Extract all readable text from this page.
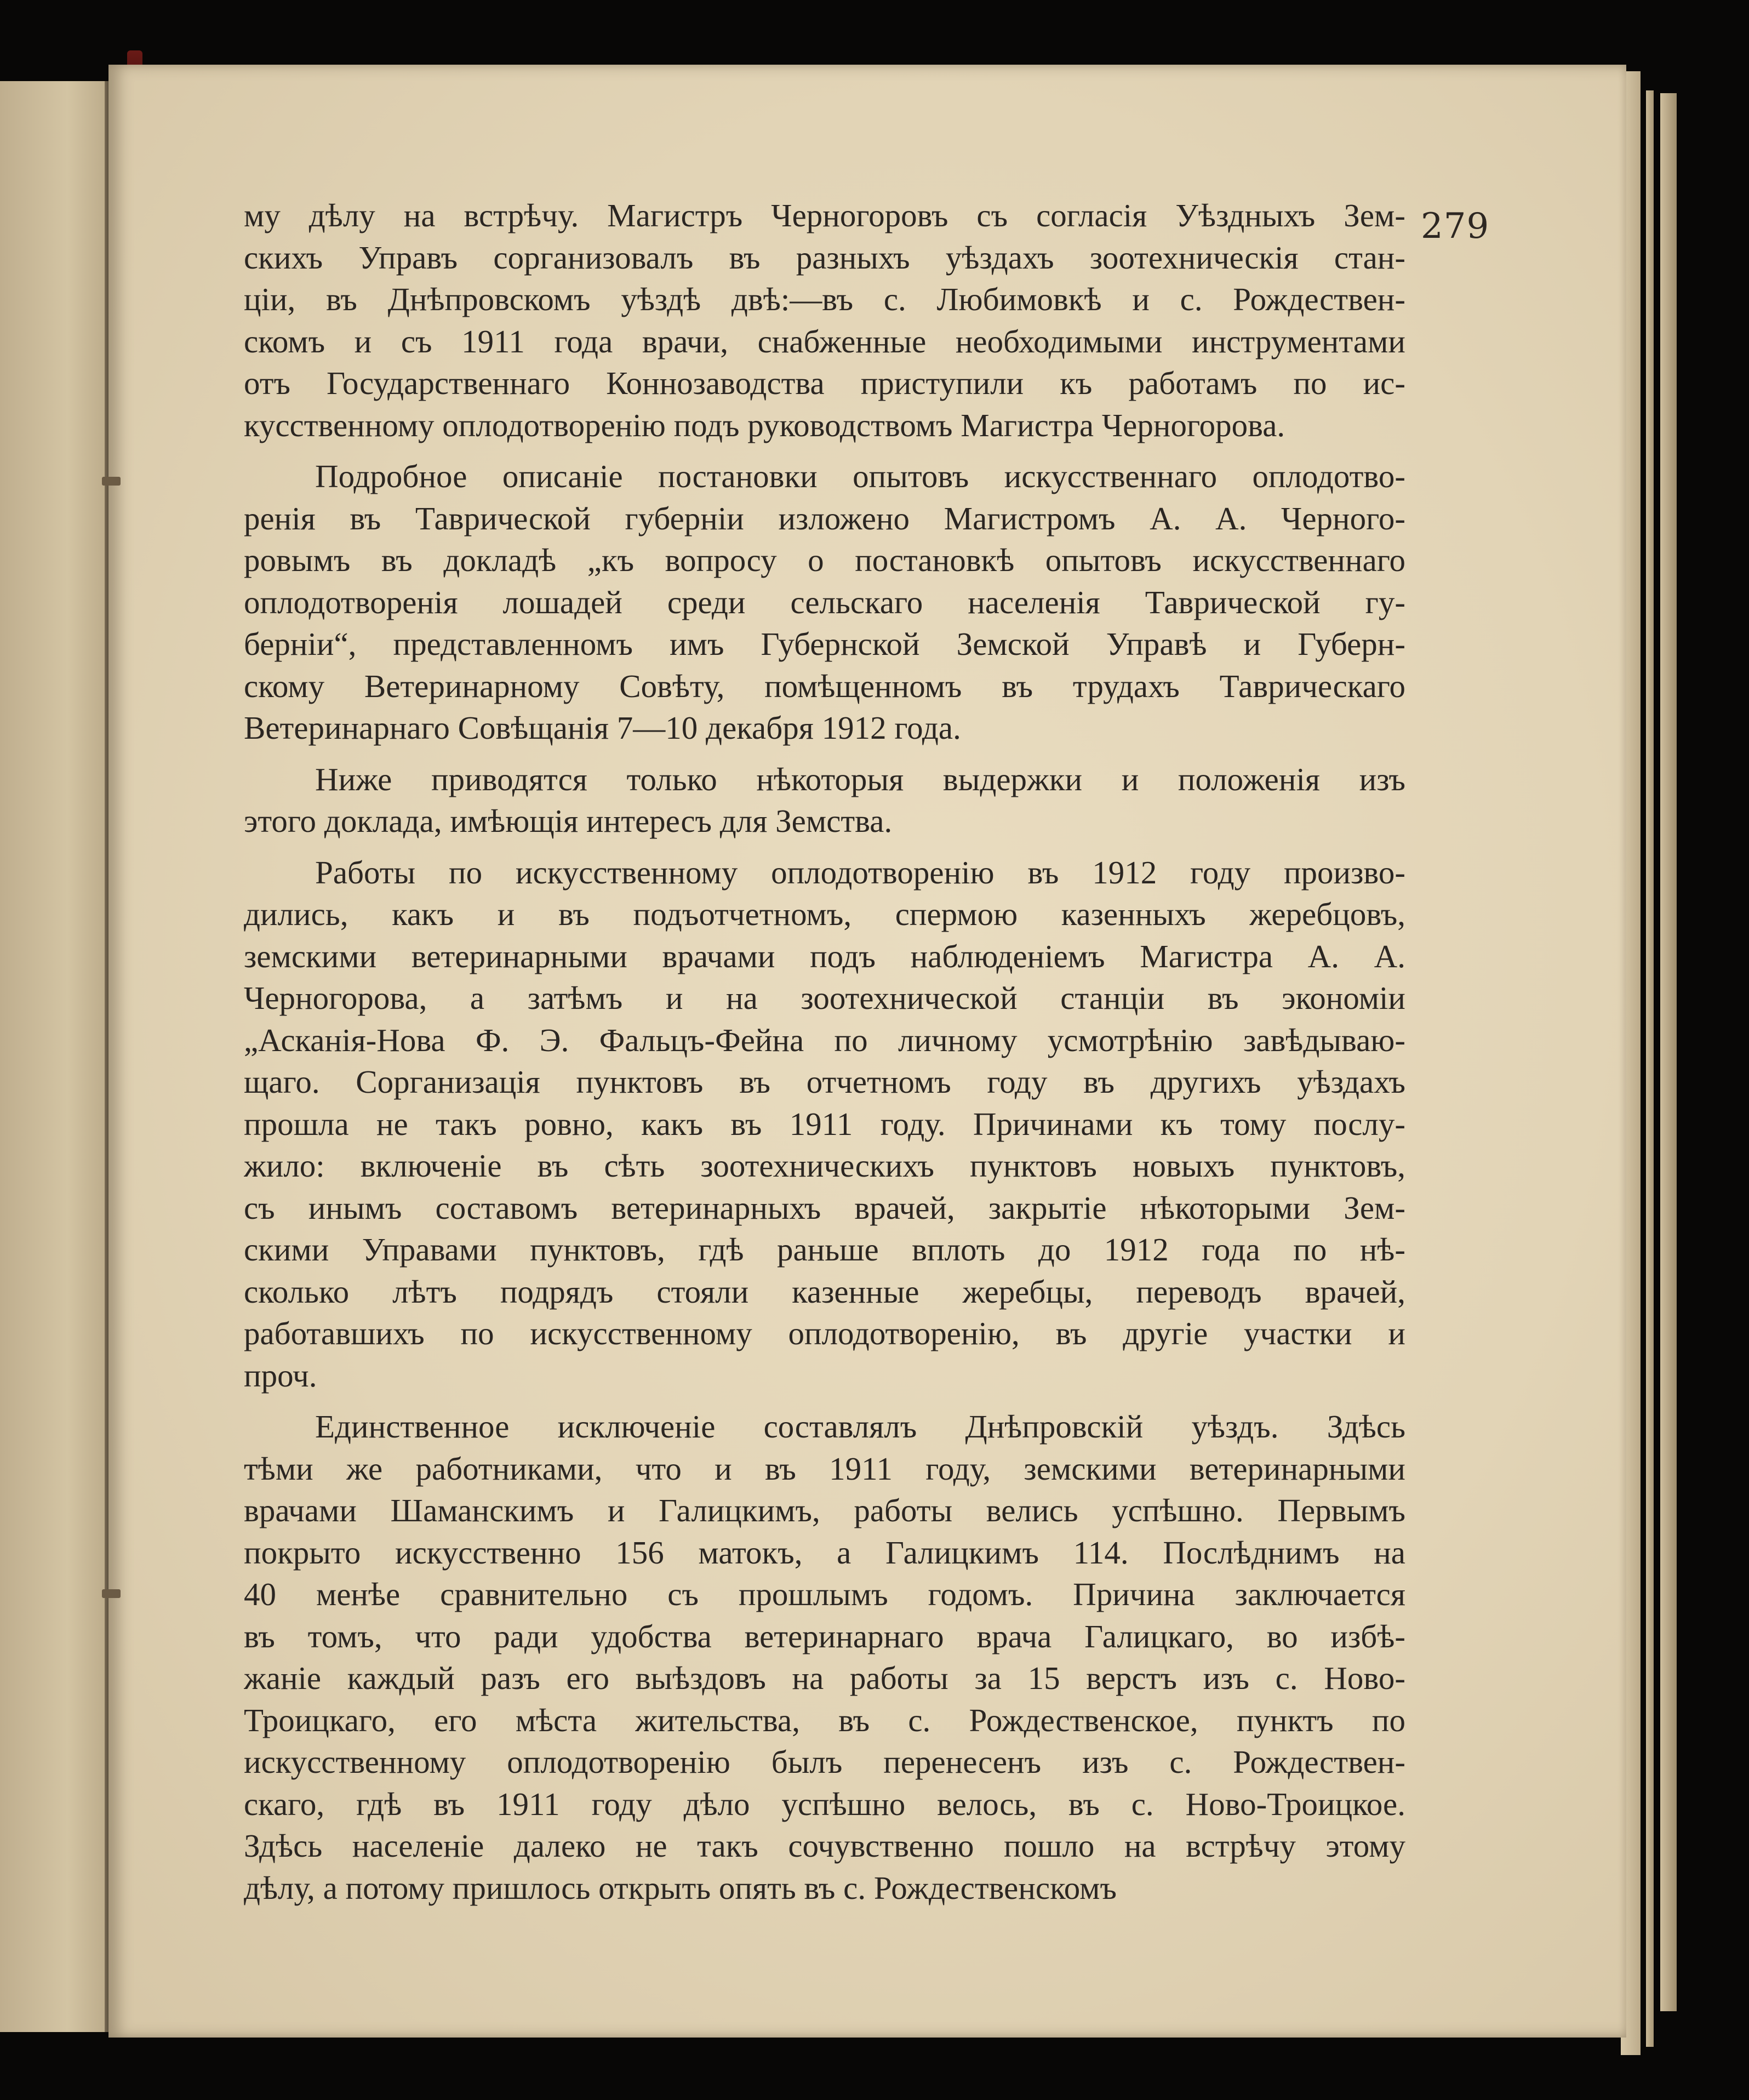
279
му дѣлу на встрѣчу. Магистръ Черногоровъ съ согласія Уѣздныхъ Зем-
скихъ Управъ сорганизовалъ въ разныхъ уѣздахъ зоотехническія стан-
ціи, въ Днѣпровскомъ уѣздѣ двѣ:—въ с. Любимовкѣ и с. Рождествен-
скомъ и съ 1911 года врачи, снабженные необходимыми инструментами
отъ Государственнаго Коннозаводства приступили къ работамъ по ис-
кусственному оплодотворенію подъ руководствомъ Магистра Черногорова.
Подробное описаніе постановки опытовъ искусственнаго оплодотво-
ренія въ Таврической губерніи изложено Магистромъ А. А. Черного-
ровымъ въ докладѣ „къ вопросу о постановкѣ опытовъ искусственнаго
оплодотворенія лошадей среди сельскаго населенія Таврической гу-
берніи“, представленномъ имъ Губернской Земской Управѣ и Губерн-
скому Ветеринарному Совѣту, помѣщенномъ въ трудахъ Таврическаго
Ветеринарнаго Совѣщанія 7—10 декабря 1912 года.
Ниже приводятся только нѣкоторыя выдержки и положенія изъ
этого доклада, имѣющія интересъ для Земства.
Работы по искусственному оплодотворенію въ 1912 году произво-
дились, какъ и въ подъотчетномъ, спермою казенныхъ жеребцовъ,
земскими ветеринарными врачами подъ наблюденіемъ Магистра А. А.
Черногорова, а затѣмъ и на зоотехнической станціи въ экономіи
„Асканія-Нова Ф. Э. Фальцъ-Фейна по личному усмотрѣнію завѣдываю-
щаго. Сорганизація пунктовъ въ отчетномъ году въ другихъ уѣздахъ
прошла не такъ ровно, какъ въ 1911 году. Причинами къ тому послу-
жило: включеніе въ сѣть зоотехническихъ пунктовъ новыхъ пунктовъ,
съ инымъ составомъ ветеринарныхъ врачей, закрытіе нѣкоторыми Зем-
скими Управами пунктовъ, гдѣ раньше вплоть до 1912 года по нѣ-
сколько лѣтъ подрядъ стояли казенные жеребцы, переводъ врачей,
работавшихъ по искусственному оплодотворенію, въ другіе участки и
проч.
Единственное исключеніе составлялъ Днѣпровскій уѣздъ. Здѣсь
тѣми же работниками, что и въ 1911 году, земскими ветеринарными
врачами Шаманскимъ и Галицкимъ, работы велись успѣшно. Первымъ
покрыто искусственно 156 матокъ, а Галицкимъ 114. Послѣднимъ на
40 менѣе сравнительно съ прошлымъ годомъ. Причина заключается
въ томъ, что ради удобства ветеринарнаго врача Галицкаго, во избѣ-
жаніе каждый разъ его выѣздовъ на работы за 15 верстъ изъ с. Ново-
Троицкаго, его мѣста жительства, въ с. Рождественское, пунктъ по
искусственному оплодотворенію былъ перенесенъ изъ с. Рождествен-
скаго, гдѣ въ 1911 году дѣло успѣшно велось, въ с. Ново-Троицкое.
Здѣсь населеніе далеко не такъ сочувственно пошло на встрѣчу этому
дѣлу, а потому пришлось открыть опять въ с. Рождественскомъ
